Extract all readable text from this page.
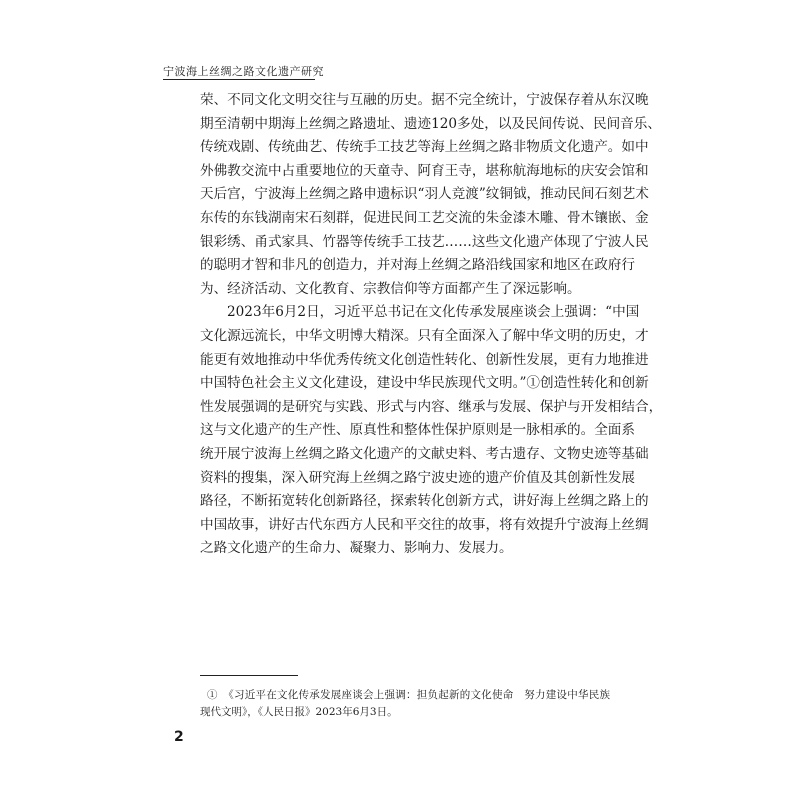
宁波海上丝绸之路文化遗产研究
荣、不同文化文明交往与互融的历史。据不完全统计，宁波保存着从东汉晚
期至清朝中期海上丝绸之路遗址、遗迹120多处，以及民间传说、民间音乐、
传统戏剧、传统曲艺、传统手工技艺等海上丝绸之路非物质文化遗产。如中
外佛教交流中占重要地位的天童寺、阿育王寺，堪称航海地标的庆安会馆和
天后宫，宁波海上丝绸之路申遗标识“羽人竞渡”纹铜钺，推动民间石刻艺术
东传的东钱湖南宋石刻群，促进民间工艺交流的朱金漆木雕、骨木镶嵌、金
银彩绣、甬式家具、竹器等传统手工技艺……这些文化遗产体现了宁波人民
的聪明才智和非凡的创造力，并对海上丝绸之路沿线国家和地区在政府行
为、经济活动、文化教育、宗教信仰等方面都产生了深远影响。
2023年6月2日，习近平总书记在文化传承发展座谈会上强调：“中国
文化源远流长，中华文明博大精深。只有全面深入了解中华文明的历史，才
能更有效地推动中华优秀传统文化创造性转化、创新性发展，更有力地推进
中国特色社会主义文化建设，建设中华民族现代文明。”①创造性转化和创新
性发展强调的是研究与实践、形式与内容、继承与发展、保护与开发相结合，
这与文化遗产的生产性、原真性和整体性保护原则是一脉相承的。全面系
统开展宁波海上丝绸之路文化遗产的文献史料、考古遗存、文物史迹等基础
资料的搜集，深入研究海上丝绸之路宁波史迹的遗产价值及其创新性发展
路径，不断拓宽转化创新路径，探索转化创新方式，讲好海上丝绸之路上的
中国故事，讲好古代东西方人民和平交往的故事，将有效提升宁波海上丝绸
之路文化遗产的生命力、凝聚力、影响力、发展力。
①　《习近平在文化传承发展座谈会上强调：担负起新的文化使命　努力建设中华民族
现代文明》，《人民日报》2023年6月3日。
2
